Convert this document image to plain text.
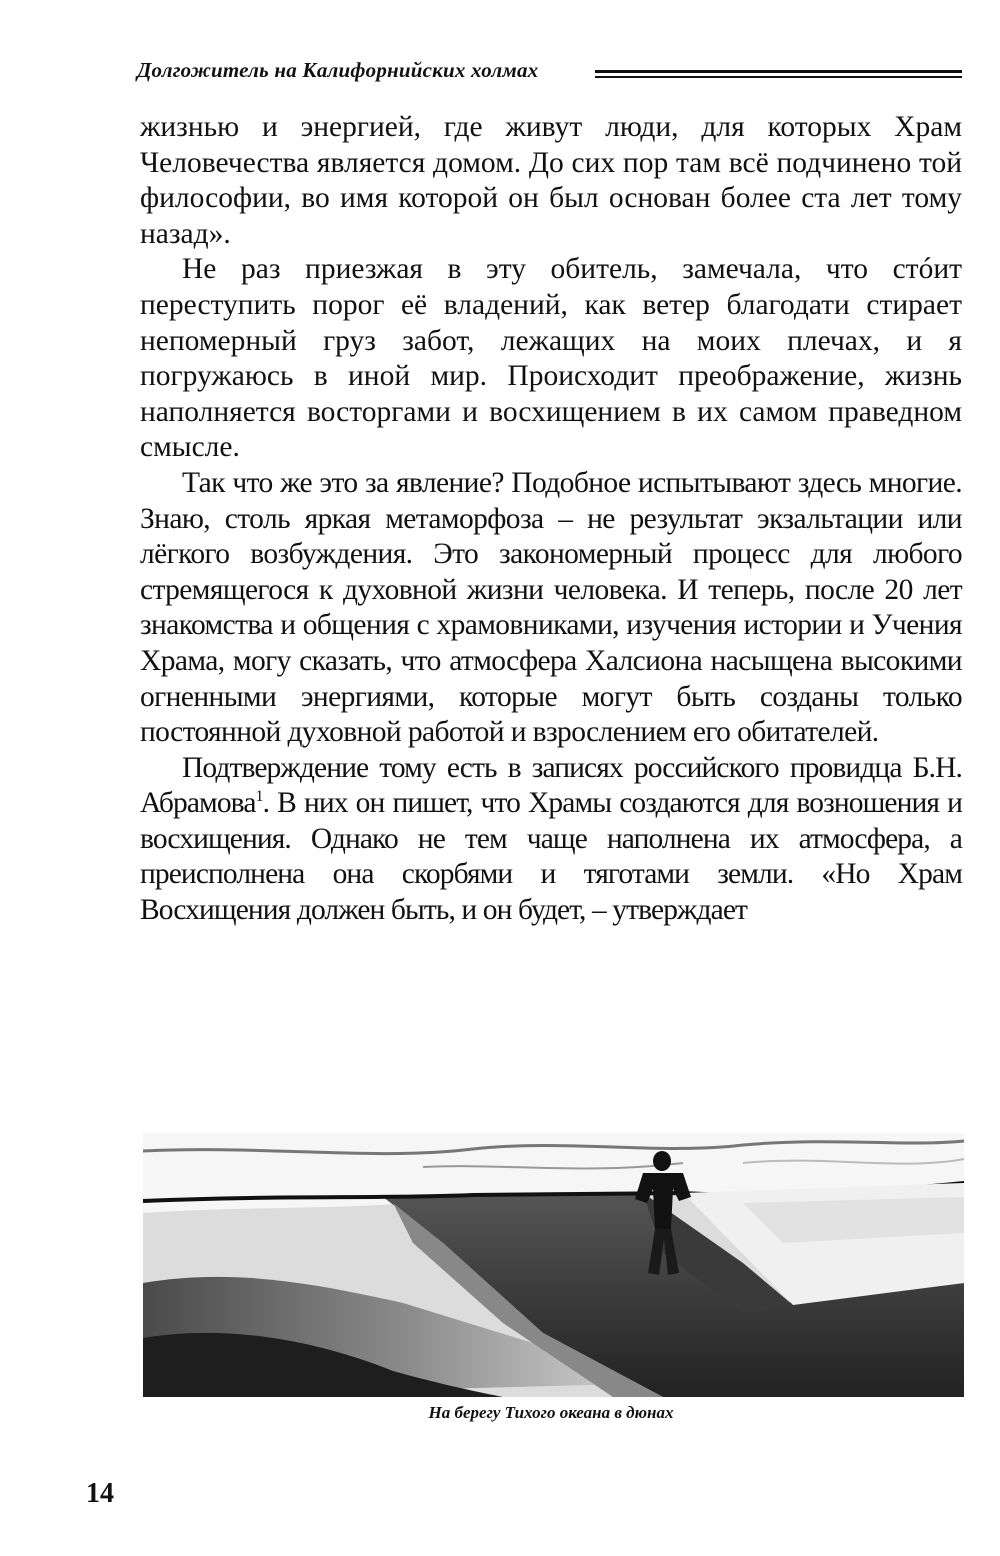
Долгожитель на Калифорнийских холмах

жизнью и энергией, где живут люди, для которых Храм Человечества является домом. До сих пор там всё подчинено той философии, во имя которой он был основан более ста лет тому назад».

Не раз приезжая в эту обитель, замечала, что стóит переступить порог её владений, как ветер благодати стирает непомерный груз забот, лежащих на моих плечах, и я погружаюсь в иной мир. Происходит преображение, жизнь наполняется восторгами и восхищением в их самом праведном смысле.

Так что же это за явление? Подобное испытывают здесь многие. Знаю, столь яркая метаморфоза – не результат экзальтации или лёгкого возбуждения. Это закономерный процесс для любого стремящегося к духовной жизни человека. И теперь, после 20 лет знакомства и общения с храмовниками, изучения истории и Учения Храма, могу сказать, что атмосфера Халсиона насыщена высокими огненными энергиями, которые могут быть созданы только постоянной духовной работой и взрослением его обитателей.

Подтверждение тому есть в записях российского провидца Б.Н. Абрамова$^1$. В них он пишет, что Храмы создаются для возношения и восхищения. Однако не тем чаще наполнена их атмосфера, а преисполнена она скорбями и тяготами земли. «Но Храм Восхищения должен быть, и он будет, – утверждает

На берегу Тихого океана в дюнах
14
